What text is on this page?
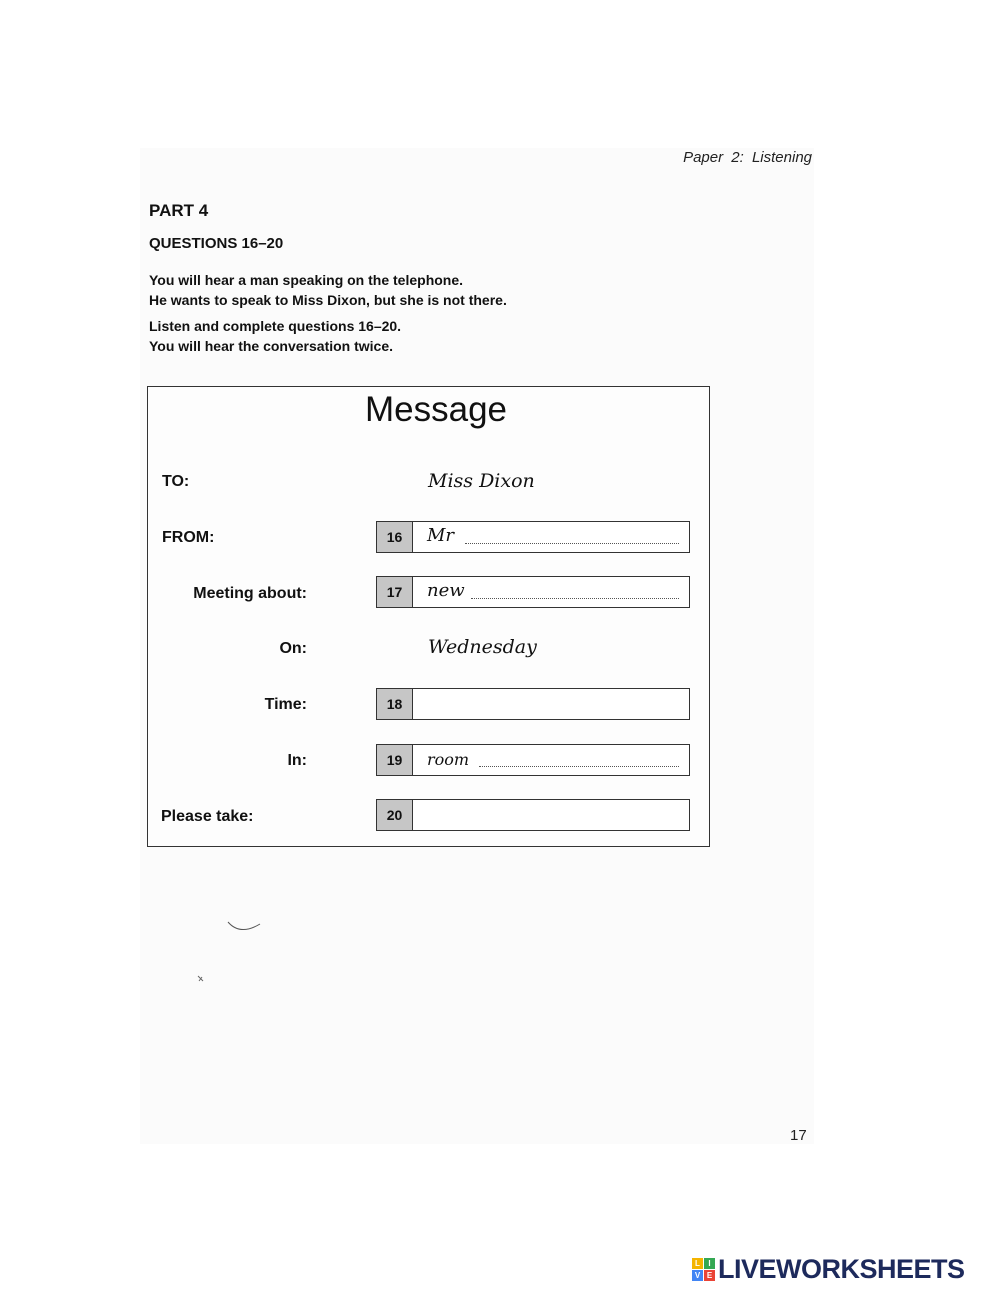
Paper 2: Listening
PART 4
QUESTIONS 16–20
You will hear a man speaking on the telephone.
He wants to speak to Miss Dixon, but she is not there.
Listen and complete questions 16–20.
You will hear the conversation twice.
Message
TO:	Miss Dixon
FROM:	16	Mr
Meeting about:	17	new
On:	Wednesday
Time:	18
In:	19	room
Please take:	20
17
L	I
V E LIVEWORKSHEETS
